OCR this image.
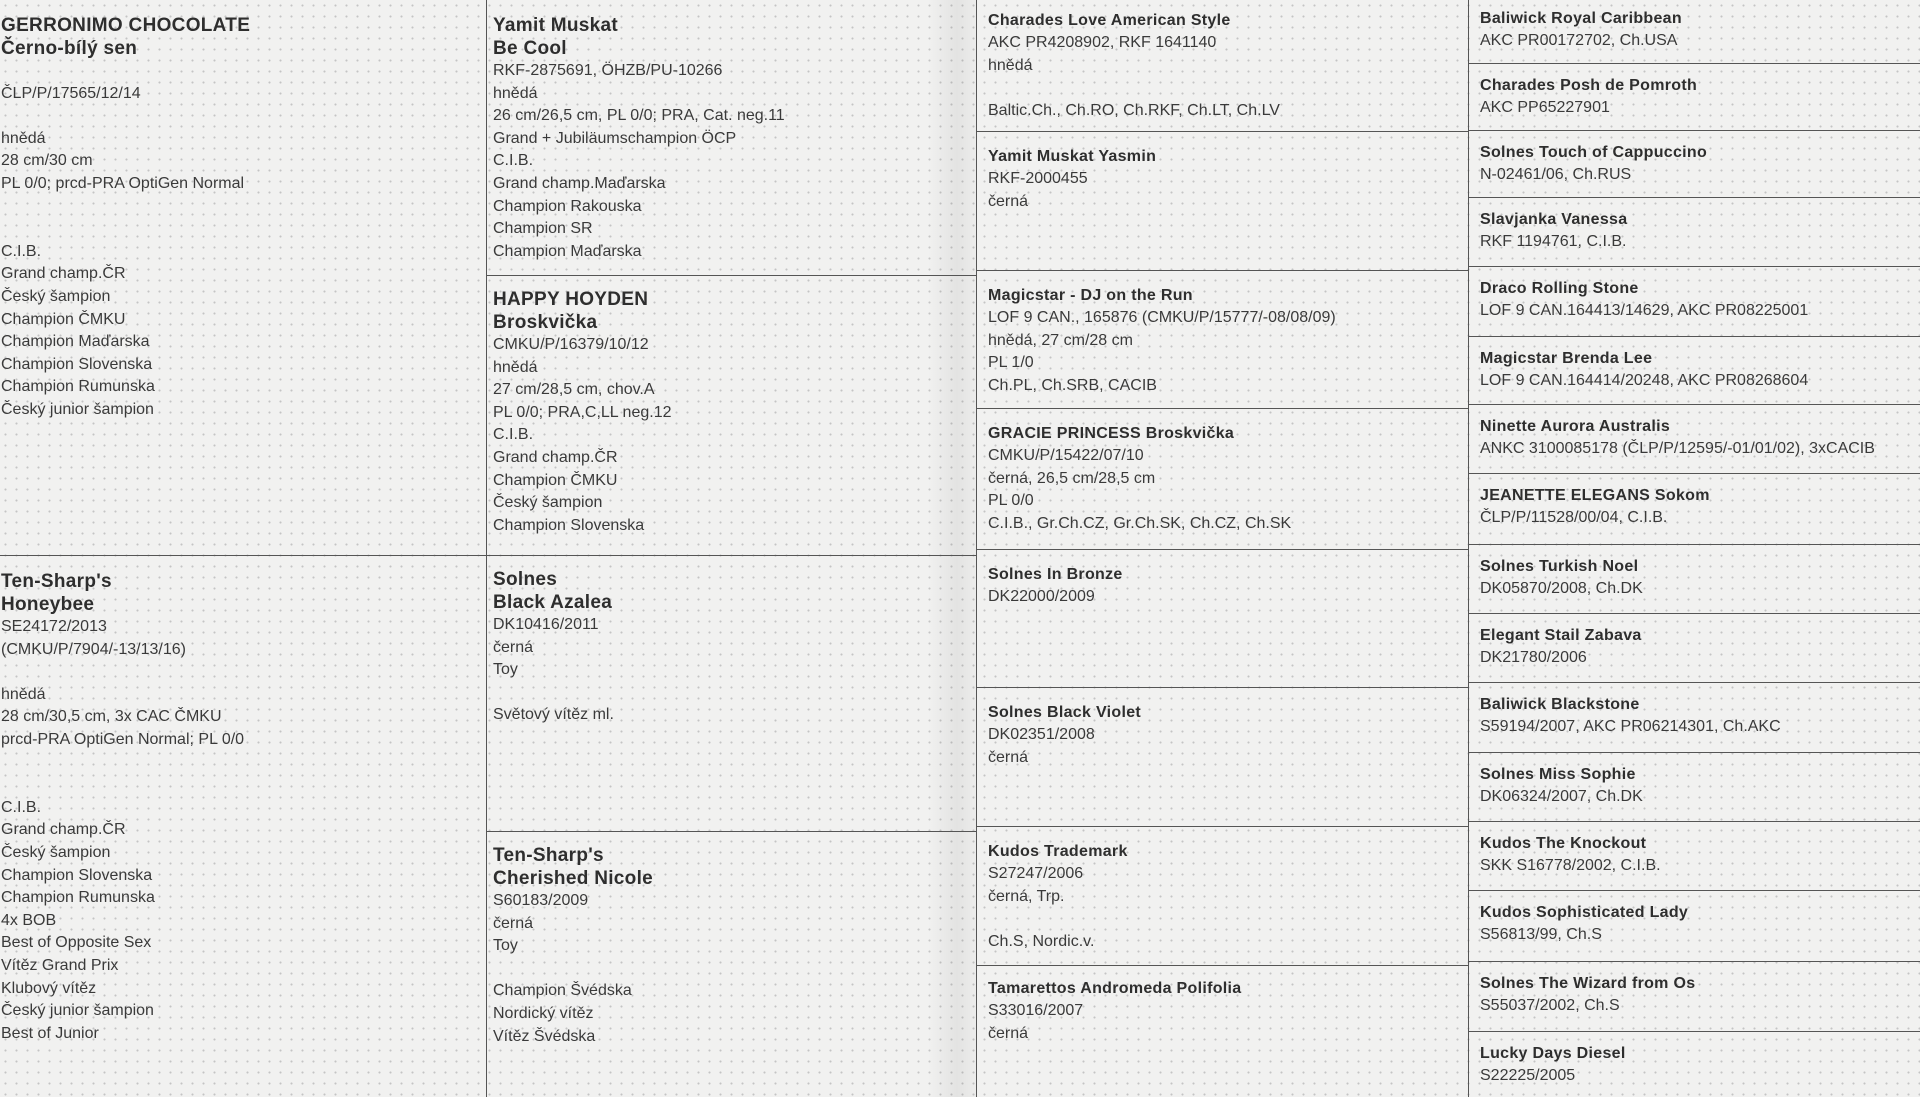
GERRONIMO CHOCOLATE
Černo-bílý sen
ČLP/P/17565/12/14
hnědá
28 cm/30 cm
PL 0/0; prcd-PRA OptiGen Normal
C.I.B.
Grand champ.ČR
Český šampion
Champion ČMKU
Champion Maďarska
Champion Slovenska
Champion Rumunska
Český junior šampion
Ten-Sharp's
Honeybee
SE24172/2013
(CMKU/P/7904/-13/13/16)
hnědá
28 cm/30,5 cm, 3x CAC ČMKU
prcd-PRA OptiGen Normal; PL 0/0
C.I.B.
Grand champ.ČR
Český šampion
Champion Slovenska
Champion Rumunska
4x BOB
Best of Opposite Sex
Vítěz Grand Prix
Klubový vítěz
Český junior šampion
Best of Junior
Yamit Muskat
Be Cool
RKF-2875691, ÖHZB/PU-10266
hnědá
26 cm/26,5 cm, PL 0/0; PRA, Cat. neg.11
Grand + Jubiläumschampion ÖCP
C.I.B.
Grand champ.Maďarska
Champion Rakouska
Champion SR
Champion Maďarska
HAPPY HOYDEN
Broskvička
CMKU/P/16379/10/12
hnědá
27 cm/28,5 cm, chov.A
PL 0/0; PRA,C,LL neg.12
C.I.B.
Grand champ.ČR
Champion ČMKU
Český šampion
Champion Slovenska
Solnes
Black Azalea
DK10416/2011
černá
Toy
Světový vítěz ml.
Ten-Sharp's
Cherished Nicole
S60183/2009
černá
Toy
Champion Švédska
Nordický vítěz
Vítěz Švédska
Charades Love American Style
AKC PR4208902, RKF 1641140
hnědá
Baltic.Ch., Ch.RO, Ch.RKF, Ch.LT, Ch.LV
Yamit Muskat Yasmin
RKF-2000455
černá
Magicstar - DJ on the Run
LOF 9 CAN., 165876 (CMKU/P/15777/-08/08/09)
hnědá, 27 cm/28 cm
PL 1/0
Ch.PL, Ch.SRB, CACIB
GRACIE PRINCESS Broskvička
CMKU/P/15422/07/10
černá, 26,5 cm/28,5 cm
PL 0/0
C.I.B., Gr.Ch.CZ, Gr.Ch.SK, Ch.CZ, Ch.SK
Solnes In Bronze
DK22000/2009
Solnes Black Violet
DK02351/2008
černá
Kudos Trademark
S27247/2006
černá, Trp.
Ch.S, Nordic.v.
Tamarettos Andromeda Polifolia
S33016/2007
černá
Baliwick Royal Caribbean
AKC PR00172702, Ch.USA
Charades Posh de Pomroth
AKC PP65227901
Solnes Touch of Cappuccino
N-02461/06, Ch.RUS
Slavjanka Vanessa
RKF 1194761, C.I.B.
Draco Rolling Stone
LOF 9 CAN.164413/14629, AKC PR08225001
Magicstar Brenda Lee
LOF 9 CAN.164414/20248, AKC PR08268604
Ninette Aurora Australis
ANKC 3100085178 (ČLP/P/12595/-01/01/02), 3xCACIB
JEANETTE ELEGANS Sokom
ČLP/P/11528/00/04, C.I.B.
Solnes Turkish Noel
DK05870/2008, Ch.DK
Elegant Stail Zabava
DK21780/2006
Baliwick Blackstone
S59194/2007, AKC PR06214301, Ch.AKC
Solnes Miss Sophie
DK06324/2007, Ch.DK
Kudos The Knockout
SKK S16778/2002, C.I.B.
Kudos Sophisticated Lady
S56813/99, Ch.S
Solnes The Wizard from Os
S55037/2002, Ch.S
Lucky Days Diesel
S22225/2005
